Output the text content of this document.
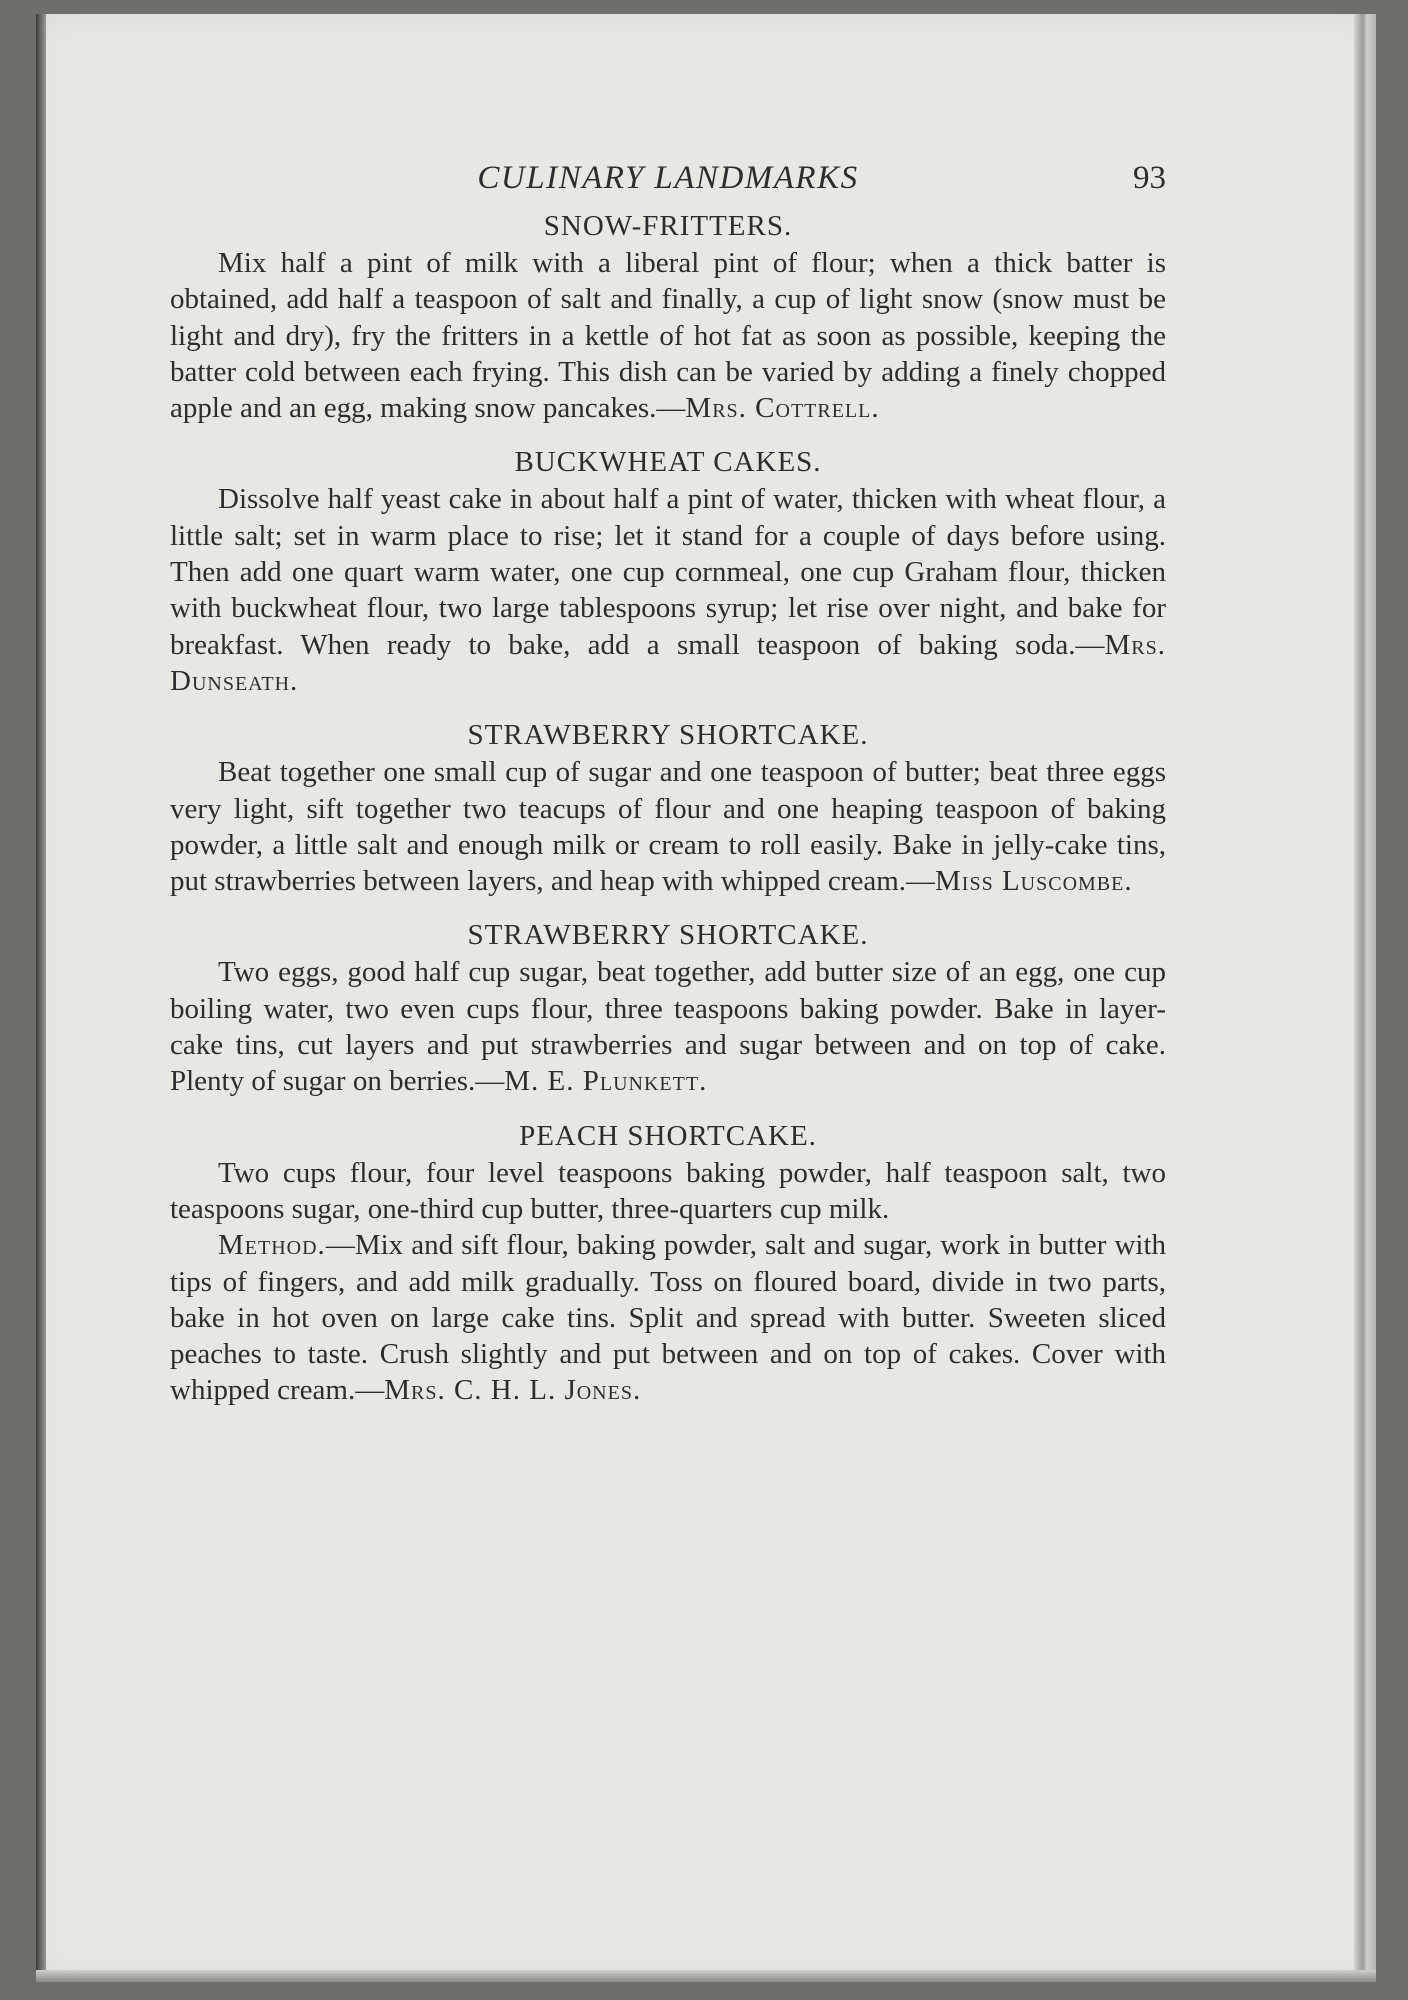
CULINARY LANDMARKS	93
SNOW-FRITTERS.

Mix half a pint of milk with a liberal pint of flour; when a thick batter is obtained, add half a teaspoon of salt and finally, a cup of light snow (snow must be light and dry), fry the fritters in a kettle of hot fat as soon as possible, keeping the batter cold between each frying. This dish can be varied by adding a finely chopped apple and an egg, making snow pancakes.—Mrs. Cottrell.

BUCKWHEAT CAKES.

Dissolve half yeast cake in about half a pint of water, thicken with wheat flour, a little salt; set in warm place to rise; let it stand for a couple of days before using. Then add one quart warm water, one cup cornmeal, one cup Graham flour, thicken with buckwheat flour, two large tablespoons syrup; let rise over night, and bake for breakfast. When ready to bake, add a small teaspoon of baking soda.—Mrs. Dunseath.

STRAWBERRY SHORTCAKE.

Beat together one small cup of sugar and one teaspoon of butter; beat three eggs very light, sift together two teacups of flour and one heaping teaspoon of baking powder, a little salt and enough milk or cream to roll easily. Bake in jelly-cake tins, put strawberries between layers, and heap with whipped cream.—Miss Luscombe.

STRAWBERRY SHORTCAKE.

Two eggs, good half cup sugar, beat together, add butter size of an egg, one cup boiling water, two even cups flour, three teaspoons baking powder. Bake in layer-cake tins, cut layers and put strawberries and sugar between and on top of cake. Plenty of sugar on berries.—M. E. Plunkett.

PEACH SHORTCAKE.

Two cups flour, four level teaspoons baking powder, half teaspoon salt, two teaspoons sugar, one-third cup butter, three-quarters cup milk.

Method.—Mix and sift flour, baking powder, salt and sugar, work in butter with tips of fingers, and add milk gradually. Toss on floured board, divide in two parts, bake in hot oven on large cake tins. Split and spread with butter. Sweeten sliced peaches to taste. Crush slightly and put between and on top of cakes. Cover with whipped cream.—Mrs. C. H. L. Jones.
